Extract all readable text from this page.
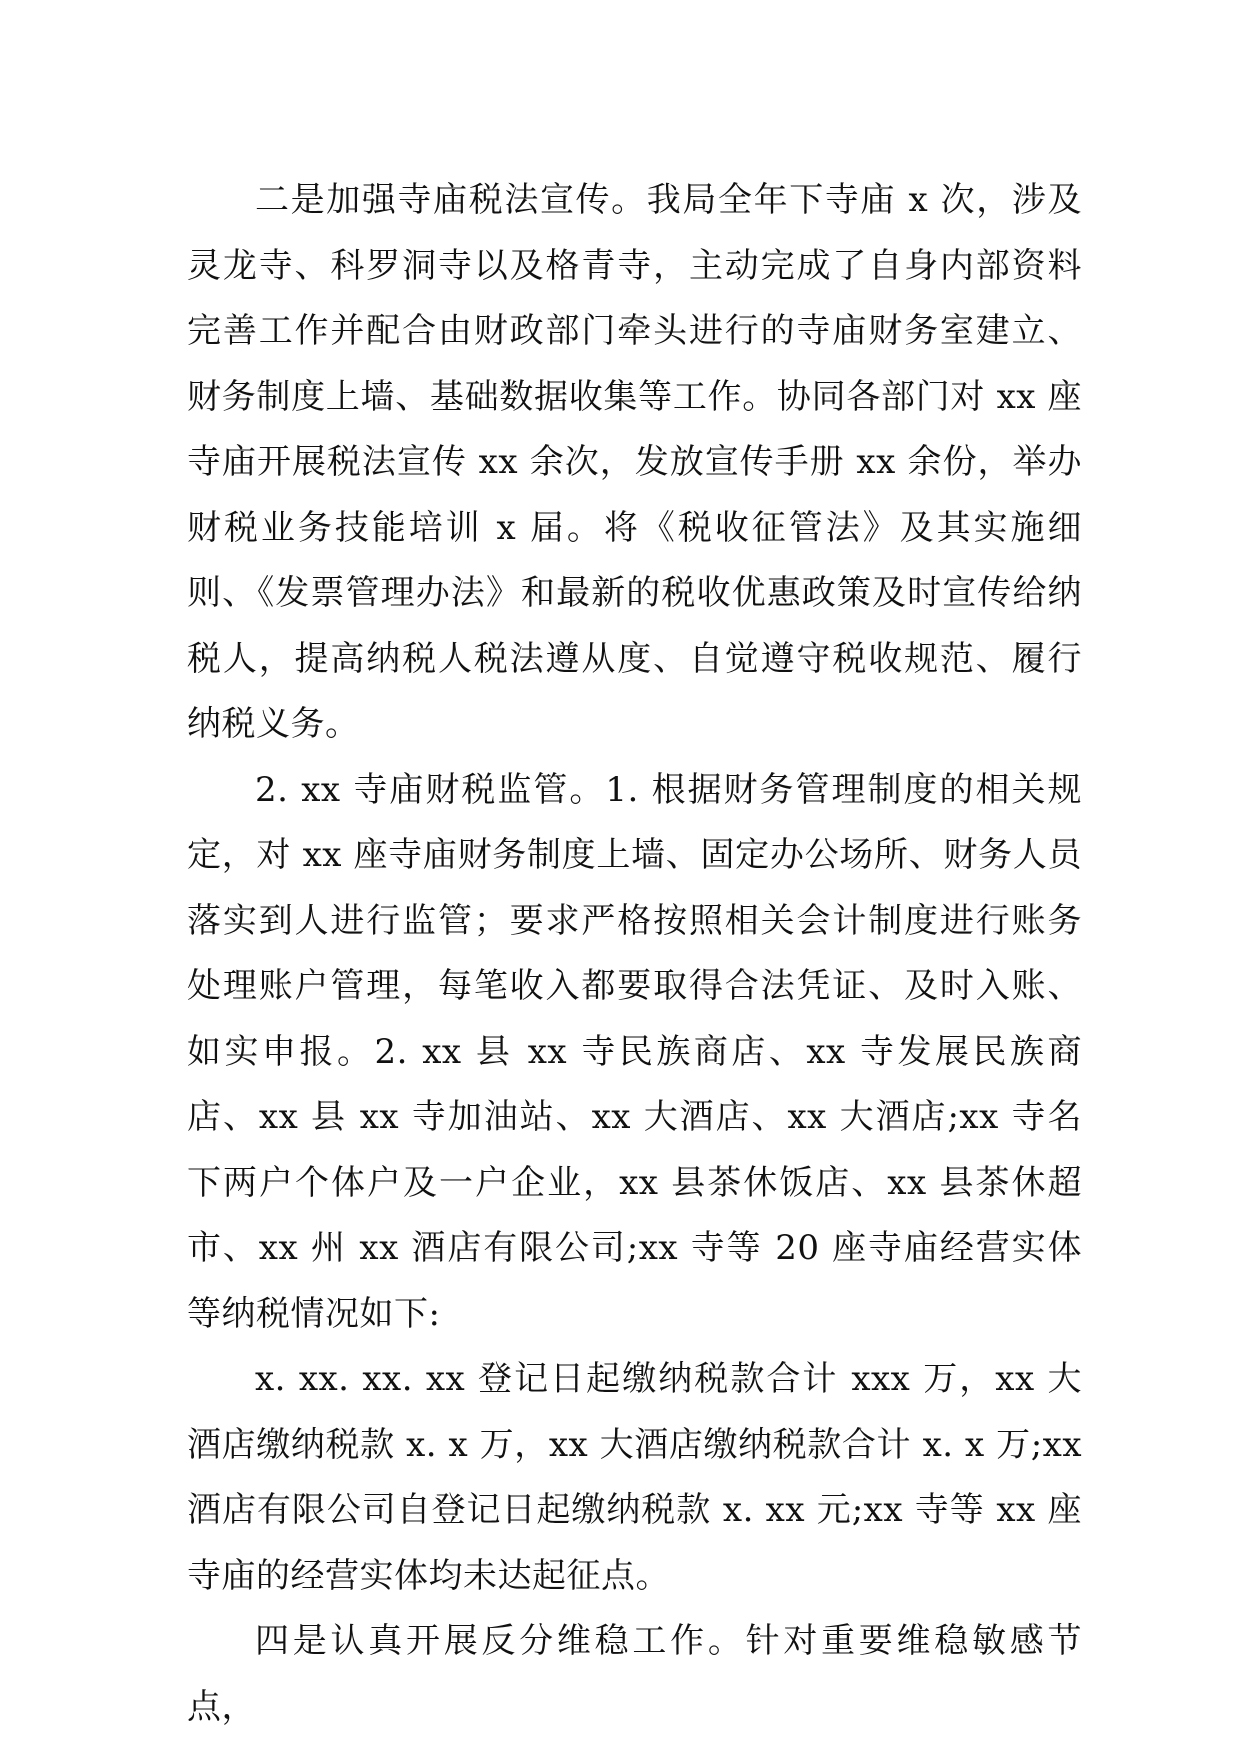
二是加强寺庙税法宣传。我局全年下寺庙 x 次，涉及灵龙寺、科罗洞寺以及格青寺，主动完成了自身内部资料完善工作并配合由财政部门牵头进行的寺庙财务室建立、财务制度上墙、基础数据收集等工作。协同各部门对 xx 座寺庙开展税法宣传 xx 余次，发放宣传手册 xx 余份，举办财税业务技能培训 x 届。将《税收征管法》及其实施细则、《发票管理办法》和最新的税收优惠政策及时宣传给纳税人，提高纳税人税法遵从度、自觉遵守税收规范、履行纳税义务。

2. xx 寺庙财税监管。1. 根据财务管理制度的相关规定，对 xx 座寺庙财务制度上墙、固定办公场所、财务人员落实到人进行监管；要求严格按照相关会计制度进行账务处理账户管理，每笔收入都要取得合法凭证、及时入账、如实申报。2. xx 县 xx 寺民族商店、xx 寺发展民族商店、xx 县 xx 寺加油站、xx 大酒店、xx 大酒店;xx 寺名下两户个体户及一户企业，xx 县茶休饭店、xx 县茶休超市、xx 州 xx 酒店有限公司;xx 寺等 20 座寺庙经营实体等纳税情况如下:

x. xx. xx. xx 登记日起缴纳税款合计 xxx 万，xx 大酒店缴纳税款 x. x 万，xx 大酒店缴纳税款合计 x. x 万;xx 酒店有限公司自登记日起缴纳税款 x. xx 元;xx 寺等 xx 座寺庙的经营实体均未达起征点。

四是认真开展反分维稳工作。针对重要维稳敏感节点，
